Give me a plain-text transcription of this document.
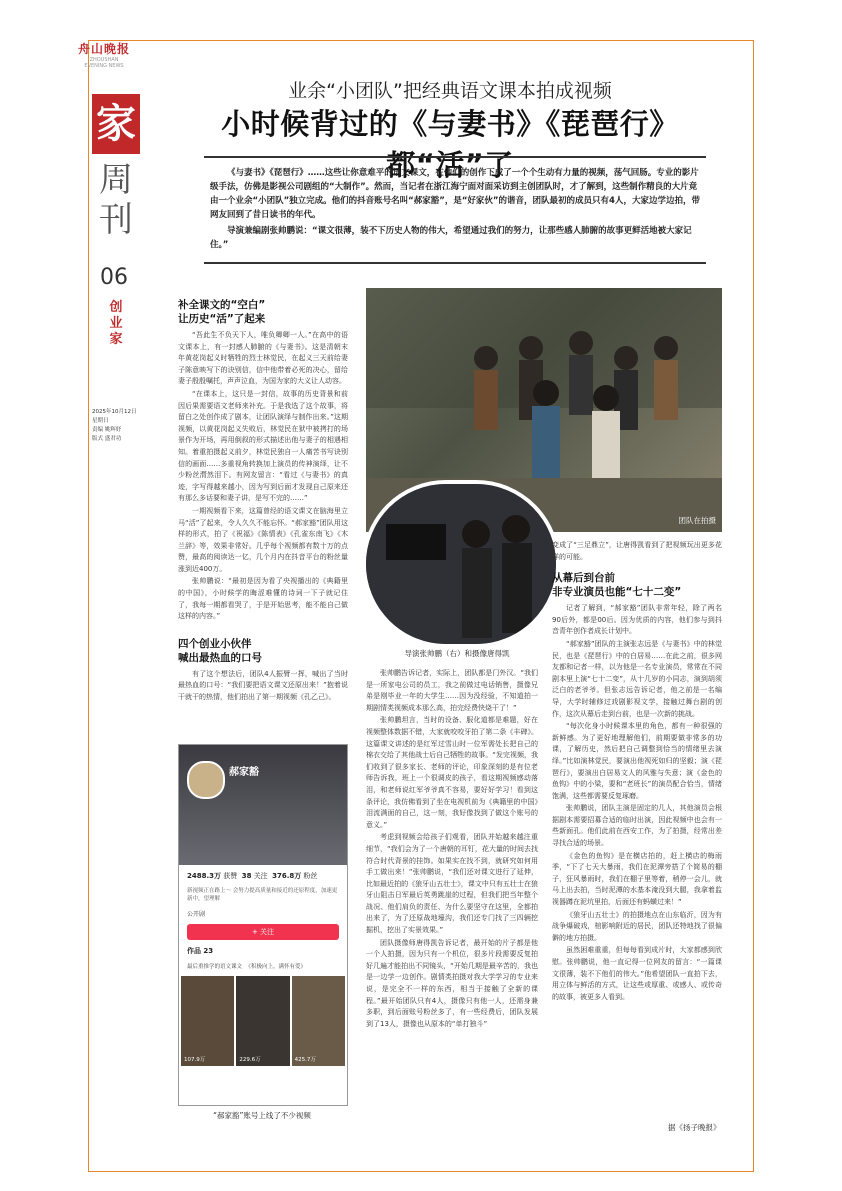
舟山晚报
ZHOUSHAN
EVENING NEWS
家
周刊
06
创业家
2025年10月12日
星期日
责编 姚辉妤
版式 盛君功
业余“小团队”把经典语文课本拍成视频
小时候背过的《与妻书》《琵琶行》都“活”了

《与妻书》《琵琶行》……这些让你意难平的语文课文，在他们的创作下成了一个个生动有力量的视频，荡气回肠。专业的影片级手法，仿佛是影视公司剧组的“大制作”。然而，当记者在浙江海宁面对面采访到主创团队时，才了解到，这些制作精良的大片竟由一个业余“小团队”独立完成。他们的抖音账号名叫“郝家豁”，是“好家伙”的谐音，团队最初的成员只有4人，大家边学边拍，带网友回到了昔日读书的年代。

导演兼编剧张帅鹏说：“课文很薄，装不下历史人物的伟大，希望通过我们的努力，让那些感人肺腑的故事更鲜活地被大家记住。”

补全课文的“空白”
让历史“活”了起来

“吾此生不负天下人，唯负卿卿一人。”在高中的语文课本上，有一封感人肺腑的《与妻书》。这是清朝末年黄花岗起义时牺牲的烈士林觉民，在起义三天前给妻子陈意映写下的诀别信，信中他带着必死的决心，留给妻子殷殷嘱托，声声泣血，为国为家的大义让人动容。

“在课本上，这只是一封信，故事的历史背景和前因后果需要语文老师来补充。于是我选了这个故事，将留白之处创作成了剧本，让团队演绎与制作出来。”这期视频，以黄花岗起义失败后，林觉民在狱中被拷打的场景作为开场，再用倒叙的形式描述出他与妻子的相遇相知。着重拍摄起义前夕，林觉民独自一人痛苦书写诀别信的画面……多重视角转换加上演员的传神演绎，让不少粉丝潸然泪下。有网友留言：“看过《与妻书》的真迹，字写得越来越小，因为写到后面才发现自己原来还有那么多话要和妻子讲，是写不完的……”

一期视频看下来，这篇曾经的语文课文在脑海里立马“活”了起来，令人久久不能忘怀。“郝家豁”团队用这样的形式，拍了《祝福》《陈情表》《孔雀东南飞》《木兰辞》等，效果非常好。几乎每个视频都有数十万的点赞，最高的阅读达一亿，几个月内在抖音平台的粉丝量涨到近400万。

张帅鹏说：“最初是因为看了央视播出的《典籍里的中国》，小时候学的晦涩难懂的诗词一下子就记住了，我每一期都看哭了，于是开始思考，能不能自己做这样的内容。”

四个创业小伙伴
喊出最热血的口号

有了这个想法后，团队4人振臂一挥，喊出了当时最热血的口号：“我们要把语文课文还原出来！”抱着说干就干的热情，他们拍出了第一期视频《孔乙己》。

郝家豁
2488.3万 获赞 38 关注 376.8万 粉丝
新视频正在路上～ 会努力提高质量和接近的还原程度，加速更新中，望理解
公开剧
+ 关注
作品 23
最后重推学的语文课文 《积极向上，满怀有爱》
107.9万	229.6万	425.7万
“郝家豁”账号上线了不少视频
团队在拍摄
导演张帅鹏（右）和摄像唐得凯

张帅鹏告诉记者，实际上，团队都是门外汉。“我们是一所家电公司的员工，我之前做过电话销售，摄像兄弟是刚毕业一年的大学生……因为没经验，不知道拍一期剧情类视频成本那么高，拍完经费快烧干了！”

张帅鹏坦言，当时的设备、服化道都是难题，好在视频整体数据不错，大家就咬咬牙拍了第二条《丰碑》。这篇课文讲述的是红军过雪山时一位军需处长把自己的棉衣交给了其他战士后自己牺牲的故事。“发完视频，我们收到了很多家长、老师的评论，印象深刻的是有位老师告诉我，班上一个很调皮的孩子，看这期视频感动落泪，和老师说红军爷爷真不容易，要好好学习！看到这条评论，我仿佛看到了坐在电视机前为《典籍里的中国》泪流满面的自己，这一刻，我好像找到了做这个账号的意义。”

考虑到视频会给孩子们观看，团队并始越来越注重细节，“我们会为了一个唐朝的耳钉，花大量的时间去找符合时代背景的挂饰。如果实在找不到，就研究如何用手工做出来！”张帅鹏说，“我们还对课文进行了延伸，比如最近拍的《狼牙山五壮士》，课文中只有五壮士在狼牙山阻击日军最后英勇跳崖的过程，但我们把当年整个战况、他们肩负的责任、为什么要坚守在这里，全都拍出来了，为了还原战地壕沟，我们还专门找了三四辆挖掘机，挖出了实景效果。”

团队摄像师唐得凯告诉记者，最开始的片子都是他一个人拍摄，因为只有一个机位，很多片段需要反复拍好几遍才能拍出不同镜头，“开始几期是最辛苦的，我也是一边学一边创作。剧情类拍摄对我大学学习的专业来说，是完全不一样的东西，相当于接触了全新的课程。”最开始团队只有4人，摄像只有他一人，还需身兼多职，到后面账号粉丝多了，有一些经费后，团队发展到了13人，摄像也从原本的“单打独斗”

变成了“三足鼎立”，让唐得凯看到了把视频玩出更多花样的可能。

从幕后到台前
非专业演员也能“七十二变”

记者了解到，“郝家豁”团队非常年轻，除了两名90后外，都是00后。因为优质的内容，他们参与到抖音青年创作者成长计划中。

“郝家豁”团队的主演张志远是《与妻书》中的林觉民，也是《琵琶行》中的白居易……在此之前，很多网友都和记者一样，以为他是一名专业演员，常常在不同剧本里上演“七十二变”，从十几岁的小同志，演到胡须泛白的老爷爷。但张志远告诉记者，他之前是一名编导，大学时辅修过戏剧影视文学，接触过舞台剧的创作，这次从幕后走到台前，也是一次新的挑战。

“每次化身小时候课本里的角色，都有一种很强的新鲜感。为了更好地理解他们，前期要做非常多的功课，了解历史，然后把自己调整到恰当的情绪里去演绎。”比如演林觉民，要演出他视死如归的坚毅；演《琵琶行》，要演出白居易文人的风雅与失意；演《金色的鱼钩》中的小梁，要和“老班长”的演员配合恰当，情绪饱满，这些都需要反复琢磨。

张帅鹏说，团队主演是固定的几人，其他演员会根据剧本需要招募合适的临时出演，因此视频中也会有一些新面孔。他们此前在西安工作，为了拍摄，经常出差寻找合适的场景。

《金色的鱼钩》是在横店拍的，赶上横店的梅雨季，“下了七天大暴雨，我们在泥潭旁搭了个简易的棚子，狂风暴雨时，我们在棚子里等着，稍停一会儿，就马上出去拍，当时泥潭的水基本淹没到大腿，我拿着监视器蹲在泥坑里拍，后面还有蚂蟥过来！”

《狼牙山五壮士》的拍摄地点在山东临沂，因为有战争爆破戏，棺影响附近的居民，团队还特地找了很偏僻的地方拍摄。

虽然困难重重，但每每看到成片时，大家都感到欣慰。张帅鹏说，他一直记得一位网友的留言：“一篇课文很薄，装不下他们的伟大。”他希望团队一直拍下去，用立体与鲜活的方式，让这些或厚重、或感人、或传奇的故事，被更多人看到。

据《扬子晚报》
